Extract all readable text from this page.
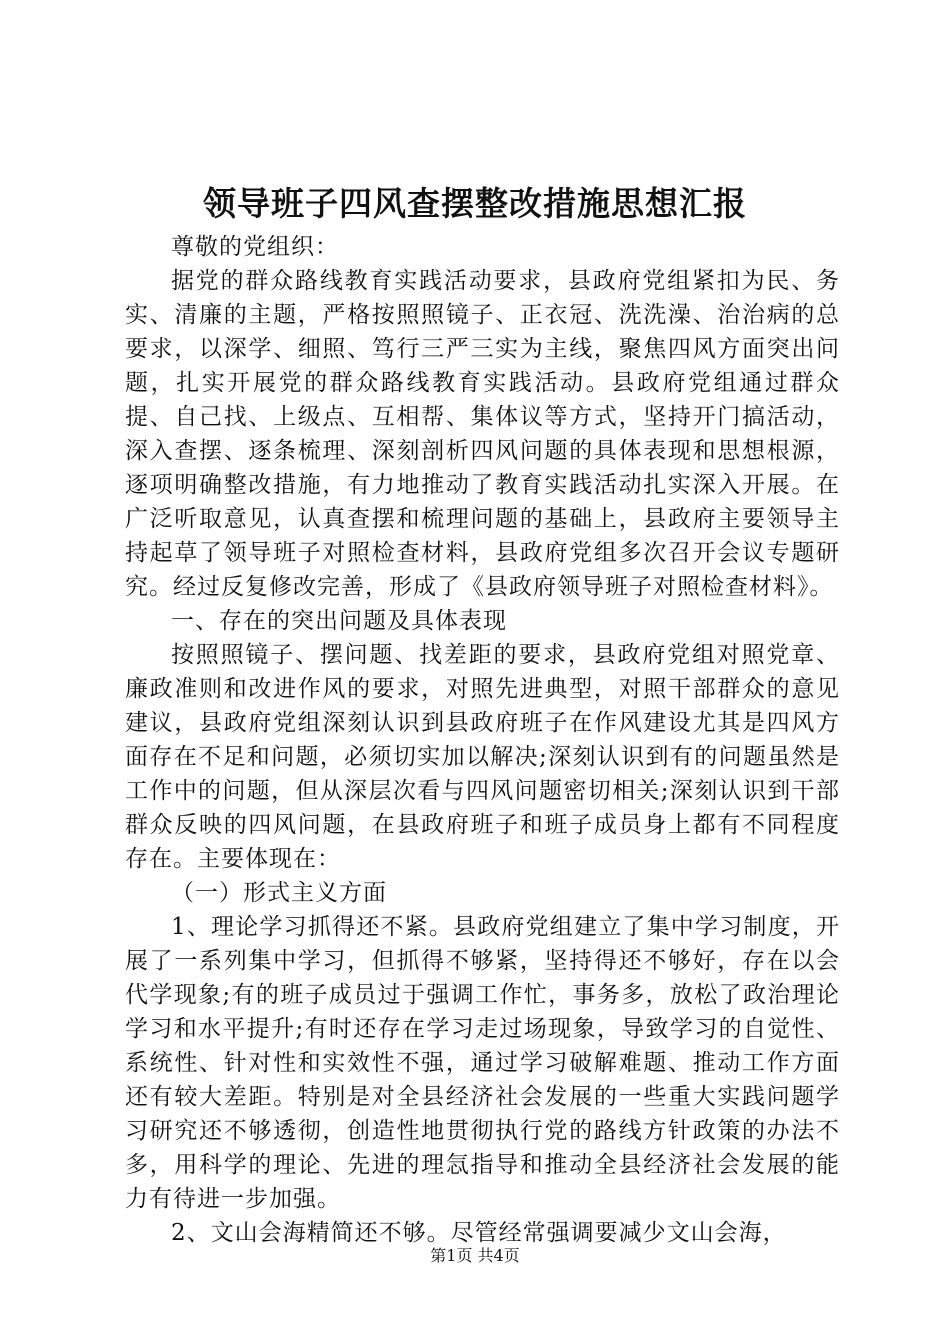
领导班子四风查摆整改措施思想汇报

尊敬的党组织：

据党的群众路线教育实践活动要求，县政府党组紧扣为民、务实、清廉的主题，严格按照照镜子、正衣冠、洗洗澡、治治病的总要求，以深学、细照、笃行三严三实为主线，聚焦四风方面突出问题，扎实开展党的群众路线教育实践活动。县政府党组通过群众提、自己找、上级点、互相帮、集体议等方式，坚持开门搞活动，深入查摆、逐条梳理、深刻剖析四风问题的具体表现和思想根源，逐项明确整改措施，有力地推动了教育实践活动扎实深入开展。在广泛听取意见，认真查摆和梳理问题的基础上，县政府主要领导主持起草了领导班子对照检查材料，县政府党组多次召开会议专题研究。经过反复修改完善，形成了《县政府领导班子对照检查材料》。

一、存在的突出问题及具体表现

按照照镜子、摆问题、找差距的要求，县政府党组对照党章、廉政准则和改进作风的要求，对照先进典型，对照干部群众的意见建议，县政府党组深刻认识到县政府班子在作风建设尤其是四风方面存在不足和问题，必须切实加以解决;深刻认识到有的问题虽然是工作中的问题，但从深层次看与四风问题密切相关;深刻认识到干部群众反映的四风问题，在县政府班子和班子成员身上都有不同程度存在。主要体现在：

（一）形式主义方面

1、理论学习抓得还不紧。县政府党组建立了集中学习制度，开展了一系列集中学习，但抓得不够紧，坚持得还不够好，存在以会代学现象;有的班子成员过于强调工作忙，事务多，放松了政治理论学习和水平提升;有时还存在学习走过场现象，导致学习的自觉性、系统性、针对性和实效性不强，通过学习破解难题、推动工作方面还有较大差距。特别是对全县经济社会发展的一些重大实践问题学习研究还不够透彻，创造性地贯彻执行党的路线方针政策的办法不多，用科学的理论、先进的理忥指导和推动全县经济社会发展的能力有待进一步加强。

2、文山会海精简还不够。尽管经常强调要减少文山会海，

第1页 共4页
